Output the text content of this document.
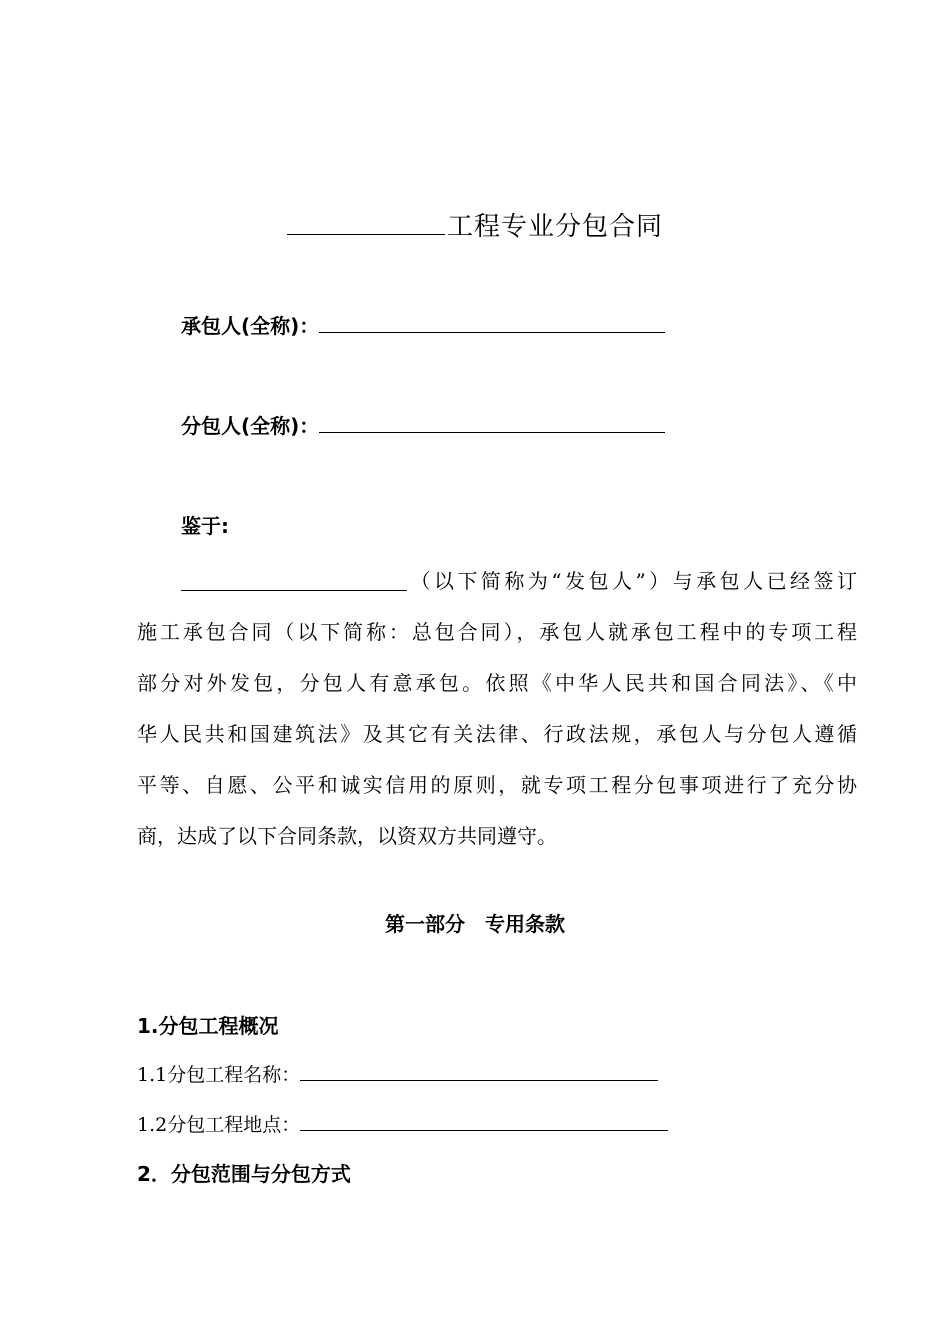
工程专业分包合同
承包人(全称)：
分包人(全称)：
鉴于:
（以下简称为“发包人”）与承包人已经签订
施工承包合同（以下简称：总包合同），承包人就承包工程中的专项工程
部分对外发包，分包人有意承包。依照《中华人民共和国合同法》、《中
华人民共和国建筑法》及其它有关法律、行政法规，承包人与分包人遵循
平等、自愿、公平和诚实信用的原则，就专项工程分包事项进行了充分协
商，达成了以下合同条款，以资双方共同遵守。
第一部分　专用条款
1.分包工程概况
1.1分包工程名称：
1.2分包工程地点：
2．分包范围与分包方式
